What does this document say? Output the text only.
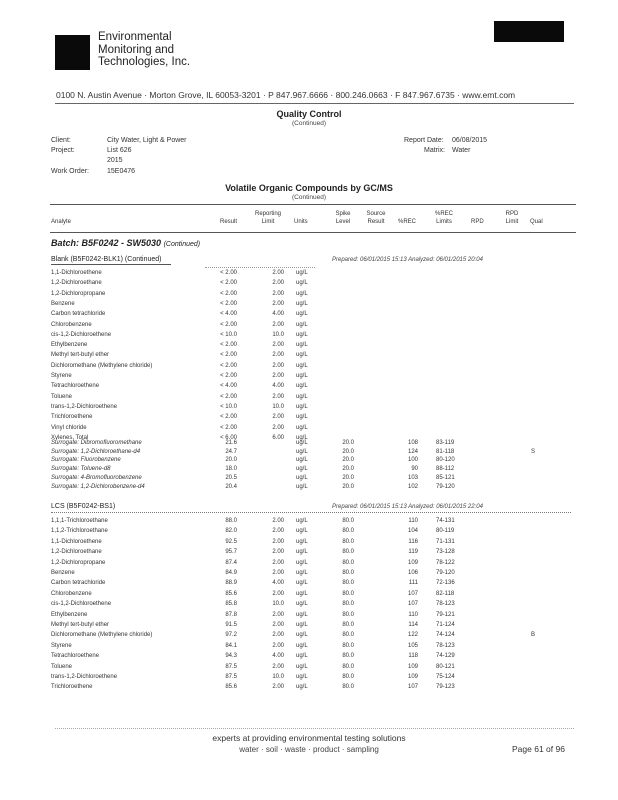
Environmental
Monitoring and
Technologies, Inc.
0100 N. Austin Avenue · Morton Grove, IL 60053-3201 · P 847.967.6666 · 800.246.0663 · F 847.967.6735 · www.emt.com
Quality Control
(Continued)
Client:	City Water, Light & Power
Project:	List 626
2015
Work Order:	15E0476
Report Date: 06/08/2015
Matrix: Water
Volatile Organic Compounds by GC/MS
(Continued)
Analyte	Result
Reporting
Limit	Units
Spike
Level
Source
Result	%REC
%REC
Limits	RPD
RPD
Limit	Qual
Batch: B5F0242 - SW5030 (Continued)
Blank (B5F0242-BLK1) (Continued)	Prepared: 06/01/2015 15:13 Analyzed: 06/01/2015 20:04
1,1-Dichloroethene	< 2.00	2.00 ug/L
1,2-Dichloroethane	< 2.00	2.00 ug/L
1,2-Dichloropropane	< 2.00	2.00 ug/L
Benzene	< 2.00	2.00 ug/L
Carbon tetrachloride	< 4.00	4.00 ug/L
Chlorobenzene	< 2.00	2.00 ug/L
cis-1,2-Dichloroethene	< 10.0	10.0 ug/L
Ethylbenzene	< 2.00	2.00 ug/L
Methyl tert-butyl ether	< 2.00	2.00 ug/L
Dichloromethane (Methylene chloride)	< 2.00	2.00 ug/L
Styrene	< 2.00	2.00 ug/L
Tetrachloroethene	< 4.00	4.00 ug/L
Toluene	< 2.00	2.00 ug/L
trans-1,2-Dichloroethene	< 10.0	10.0 ug/L
Trichloroethene	< 2.00	2.00 ug/L
Vinyl chloride	< 2.00	2.00 ug/L
Xylenes, Total	< 6.00	6.00 ug/L
Surrogate: Dibromofluoromethane	21.6	ug/L	20.0	108	83-119
Surrogate: 1,2-Dichloroethane-d4	24.7	ug/L	20.0	124	81-118	S
Surrogate: Fluorobenzene	20.0	ug/L	20.0	100	80-120
Surrogate: Toluene-d8	18.0	ug/L	20.0	90	88-112
Surrogate: 4-Bromofluorobenzene	20.5	ug/L	20.0	103	85-121
Surrogate: 1,2-Dichlorobenzene-d4	20.4	ug/L	20.0	102	79-120
LCS (B5F0242-BS1)	Prepared: 06/01/2015 15:13 Analyzed: 06/01/2015 22:04
1,1,1-Trichloroethane	88.0	2.00 ug/L	80.0	110	74-131
1,1,2-Trichloroethane	82.0	2.00 ug/L	80.0	104	80-119
1,1-Dichloroethene	92.5	2.00 ug/L	80.0	116	71-131
1,2-Dichloroethane	95.7	2.00 ug/L	80.0	119	73-128
1,2-Dichloropropane	87.4	2.00 ug/L	80.0	109	78-122
Benzene	84.9	2.00 ug/L	80.0	106	79-120
Carbon tetrachloride	88.9	4.00 ug/L	80.0	111	72-136
Chlorobenzene	85.6	2.00 ug/L	80.0	107	82-118
cis-1,2-Dichloroethene	85.8	10.0 ug/L	80.0	107	78-123
Ethylbenzene	87.8	2.00 ug/L	80.0	110	79-121
Methyl tert-butyl ether	91.5	2.00 ug/L	80.0	114	71-124
Dichloromethane (Methylene chloride)	97.2	2.00 ug/L	80.0	122	74-124	B
Styrene	84.1	2.00 ug/L	80.0	105	78-123
Tetrachloroethene	94.3	4.00 ug/L	80.0	118	74-129
Toluene	87.5	2.00 ug/L	80.0	109	80-121
trans-1,2-Dichloroethene	87.5	10.0 ug/L	80.0	109	75-124
Trichloroethene	85.6	2.00 ug/L	80.0	107	79-123
experts at providing environmental testing solutions
water · soil · waste · product · sampling	Page 61 of 96
